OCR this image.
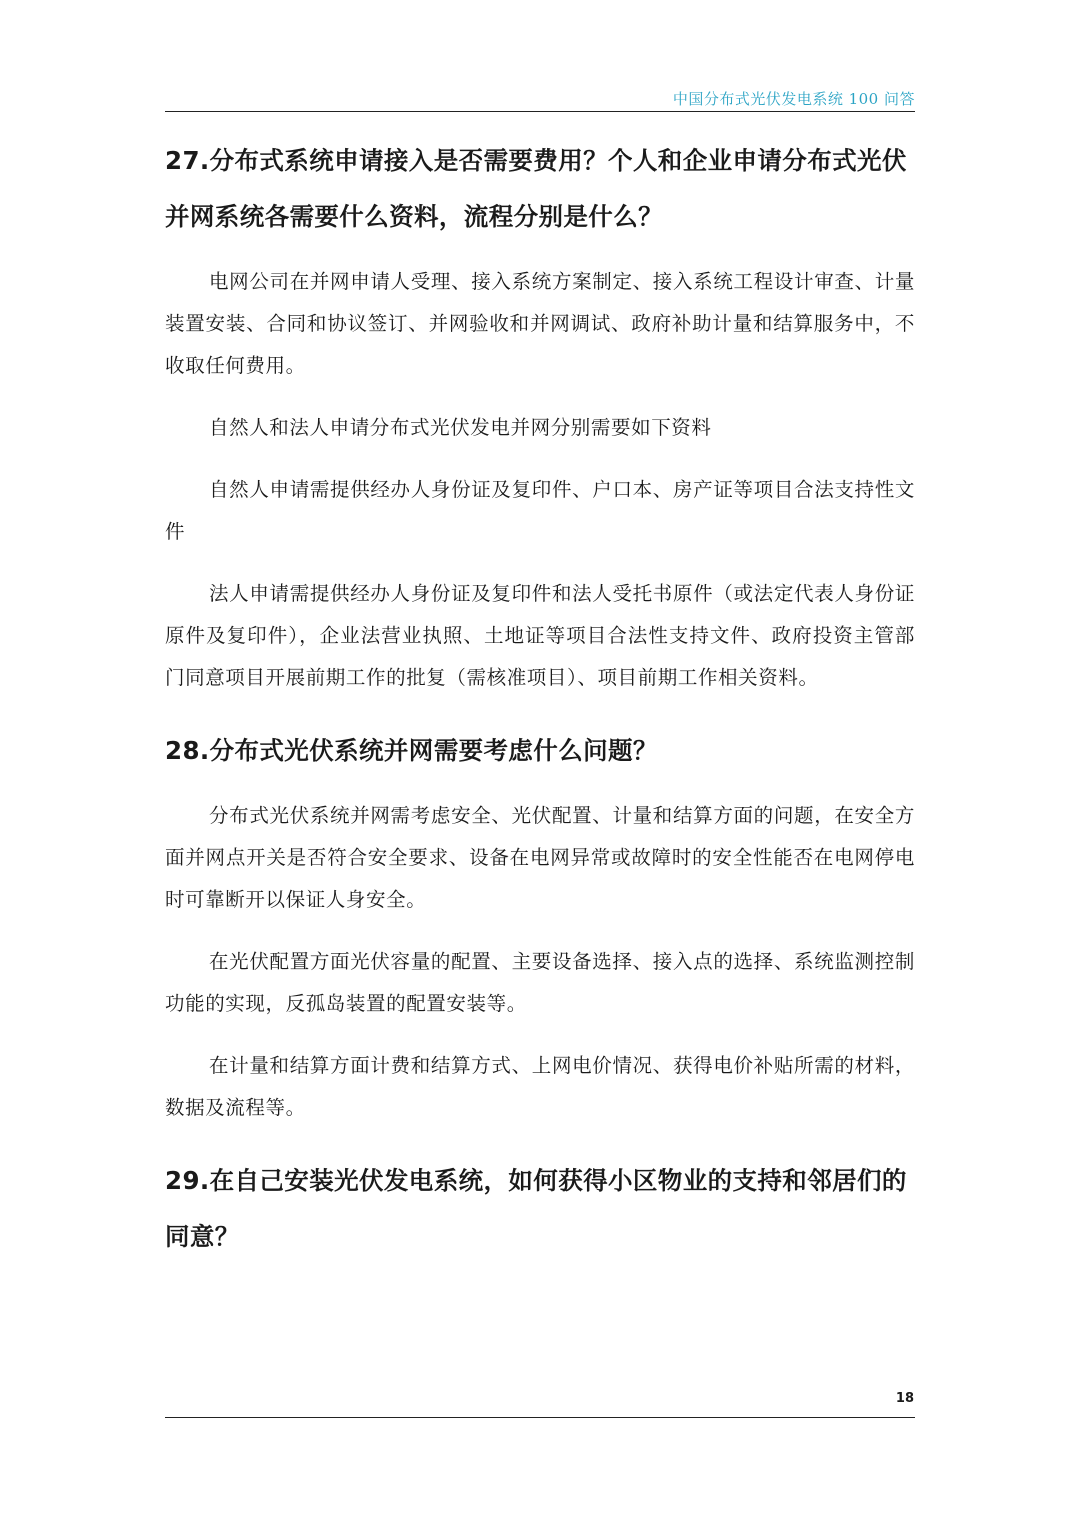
中国分布式光伏发电系统 100 问答
27.分布式系统申请接入是否需要费用？个人和企业申请分布式光伏并网系统各需要什么资料，流程分别是什么？

电网公司在并网申请人受理、接入系统方案制定、接入系统工程设计审查、计量装置安装、合同和协议签订、并网验收和并网调试、政府补助计量和结算服务中，不收取任何费用。

自然人和法人申请分布式光伏发电并网分别需要如下资料

自然人申请需提供经办人身份证及复印件、户口本、房产证等项目合法支持性文件

法人申请需提供经办人身份证及复印件和法人受托书原件（或法定代表人身份证原件及复印件），企业法营业执照、土地证等项目合法性支持文件、政府投资主管部门同意项目开展前期工作的批复（需核准项目）、项目前期工作相关资料。

28.分布式光伏系统并网需要考虑什么问题？

分布式光伏系统并网需考虑安全、光伏配置、计量和结算方面的问题，在安全方面并网点开关是否符合安全要求、设备在电网异常或故障时的安全性能否在电网停电时可靠断开以保证人身安全。

在光伏配置方面光伏容量的配置、主要设备选择、接入点的选择、系统监测控制功能的实现，反孤岛装置的配置安装等。

在计量和结算方面计费和结算方式、上网电价情况、获得电价补贴所需的材料，数据及流程等。

29.在自己安装光伏发电系统，如何获得小区物业的支持和邻居们的同意？
18
